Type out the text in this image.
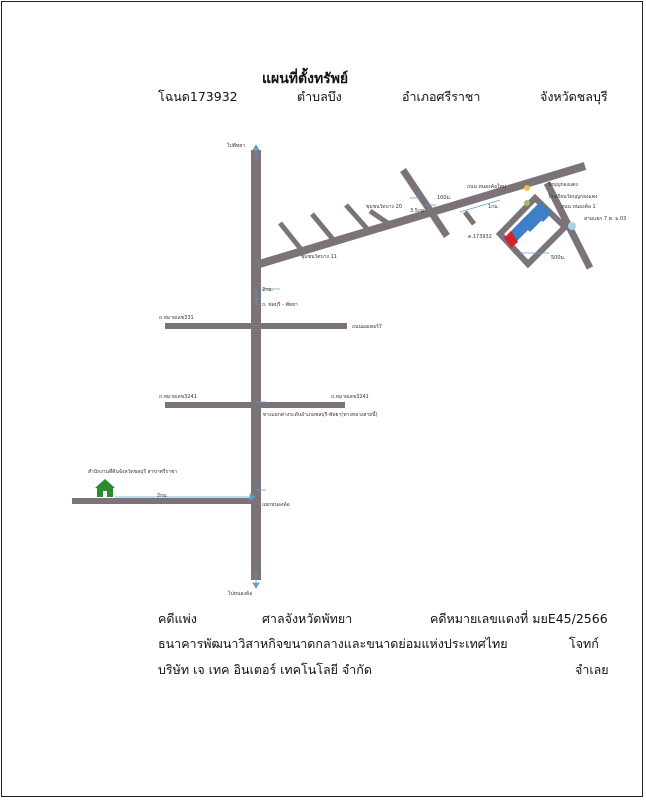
แผนที่ตั้งทรัพย์
โฉนด173932	ตำบลบึง	อำเภอศรีราชา	จังหวัดชลบุรี
ไปพัทยา
ไปหนองค้อ
ชุมชนวัดบาง 20
ชุมชนวัดบาง 11
100ม.
3.5กม.
1กม.
500ม.
2กม.
2กม.
ถนน หนองค้อใหม่
ถนน หนองค้อ 1
วัดบุญกองแตง
โรงเรียนวัดบุญกองแตง
สามแยก 7 ต. ม.03
ต.173932
ถ. ชลบุรี - พัทยา
ถ.หมายเลข331
ถนนมอเตอร์7
ถ.หมายเลข3241	ถ.หมายเลข3241
ทางแยกต่างระดับอำเภอชลบุรี-พัทยา(ทางหลวงสายนี้)
สำนักงานที่ดินจังหวัดชลบุรี สาขาศรีราชา
แยกหนองค้อ
คดีแพ่ง	ศาลจังหวัดพัทยา	คดีหมายเลขแดงที่ มยE45/2566
ธนาคารพัฒนาวิสาหกิจขนาดกลางและขนาดย่อมแห่งประเทศไทย	โจทก์
บริษัท เจ เทค อินเตอร์ เทคโนโลยี จำกัด	จำเลย
